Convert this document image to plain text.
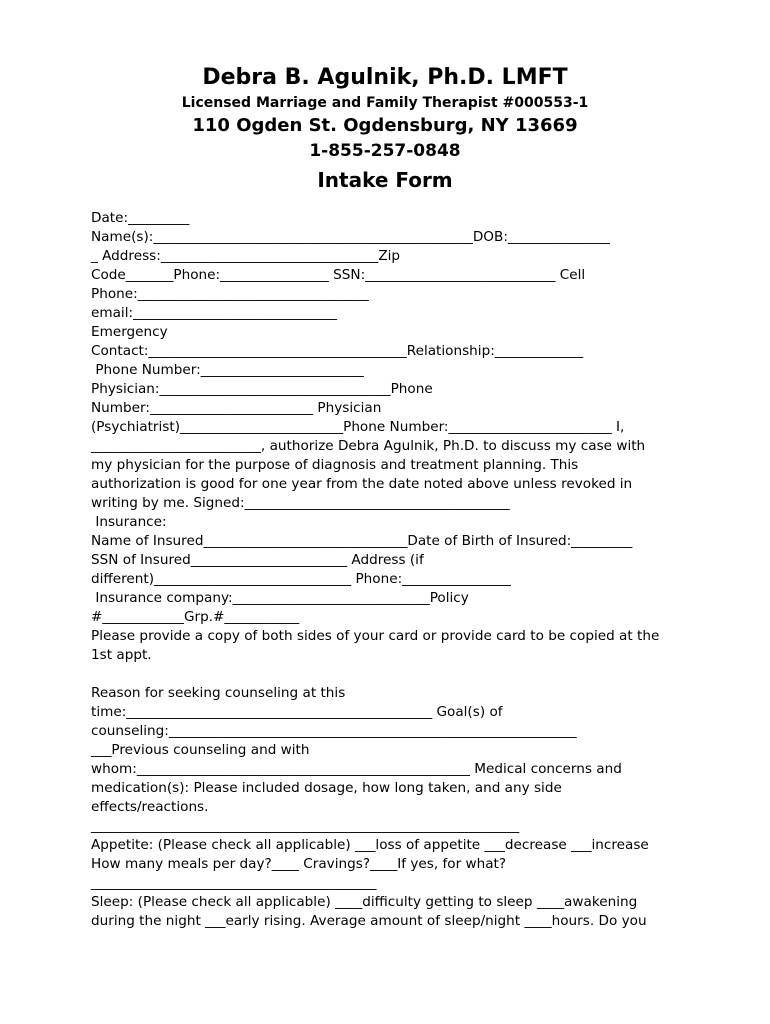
Debra B. Agulnik, Ph.D. LMFT
Licensed Marriage and Family Therapist #000553-1
110 Ogden St. Ogdensburg, NY 13669
1-855-257-0848
Intake Form
Date:_________
Name(s):_______________________________________________DOB:_______________
_ Address:________________________________Zip
Code_______Phone:________________ SSN:____________________________ Cell
Phone:__________________________________
email:______________________________
Emergency
Contact:______________________________________Relationship:_____________
Phone Number:________________________
Physician:__________________________________Phone
Number:________________________ Physician
(Psychiatrist)________________________Phone Number:________________________ I,
_________________________, authorize Debra Agulnik, Ph.D. to discuss my case with
my physician for the purpose of diagnosis and treatment planning. This
authorization is good for one year from the date noted above unless revoked in
writing by me. Signed:_______________________________________
Insurance:
Name of Insured______________________________Date of Birth of Insured:_________
SSN of Insured_______________________ Address (if
different)_____________________________ Phone:________________
Insurance company:_____________________________Policy
#____________Grp.#___________
Please provide a copy of both sides of your card or provide card to be copied at the
1st appt.
Reason for seeking counseling at this
time:_____________________________________________ Goal(s) of
counseling:____________________________________________________________
___Previous counseling and with
whom:_________________________________________________ Medical concerns and
medication(s): Please included dosage, how long taken, and any side
effects/reactions.
_______________________________________________________________
Appetite: (Please check all applicable) ___loss of appetite ___decrease ___increase
How many meals per day?____ Cravings?____If yes, for what?
__________________________________________
Sleep: (Please check all applicable) ____difficulty getting to sleep ____awakening
during the night ___early rising. Average amount of sleep/night ____hours. Do you
